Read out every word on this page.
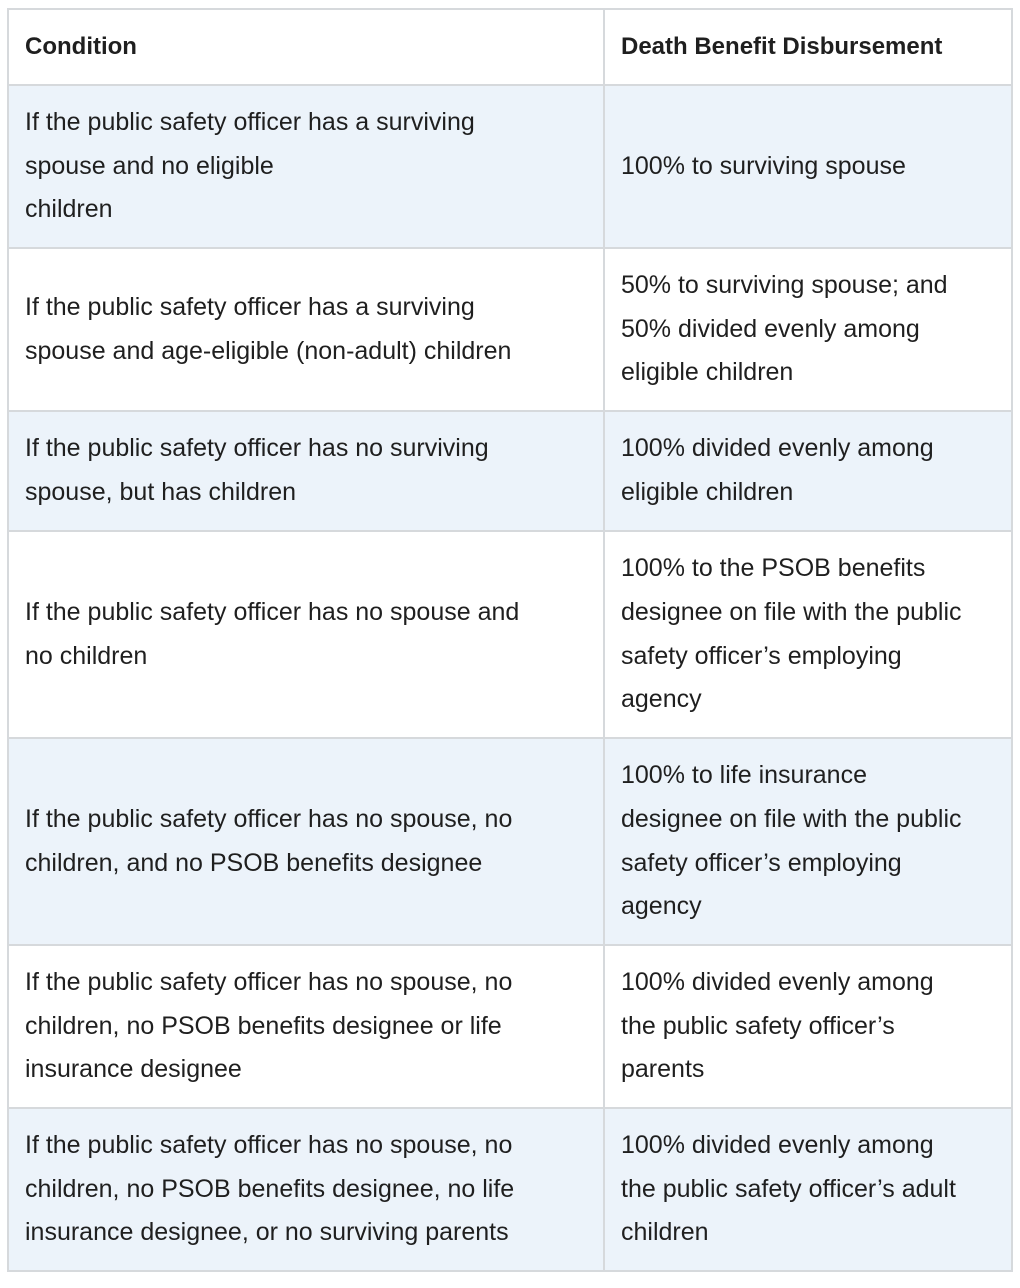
Condition	Death Benefit Disbursement

If the public safety officer has a surviving
spouse and no eligible
children	100% to surviving spouse

If the public safety officer has a surviving
spouse and age-eligible (non-adult) children	50% to surviving spouse; and
50% divided evenly among
eligible children

If the public safety officer has no surviving
spouse, but has children	100% divided evenly among
eligible children

If the public safety officer has no spouse and
no children	100% to the PSOB benefits
designee on file with the public
safety officer’s employing
agency

If the public safety officer has no spouse, no
children, and no PSOB benefits designee	100% to life insurance
designee on file with the public
safety officer’s employing
agency

If the public safety officer has no spouse, no
children, no PSOB benefits designee or life
insurance designee	100% divided evenly among
the public safety officer’s
parents

If the public safety officer has no spouse, no
children, no PSOB benefits designee, no life
insurance designee, or no surviving parents	100% divided evenly among
the public safety officer’s adult
children
